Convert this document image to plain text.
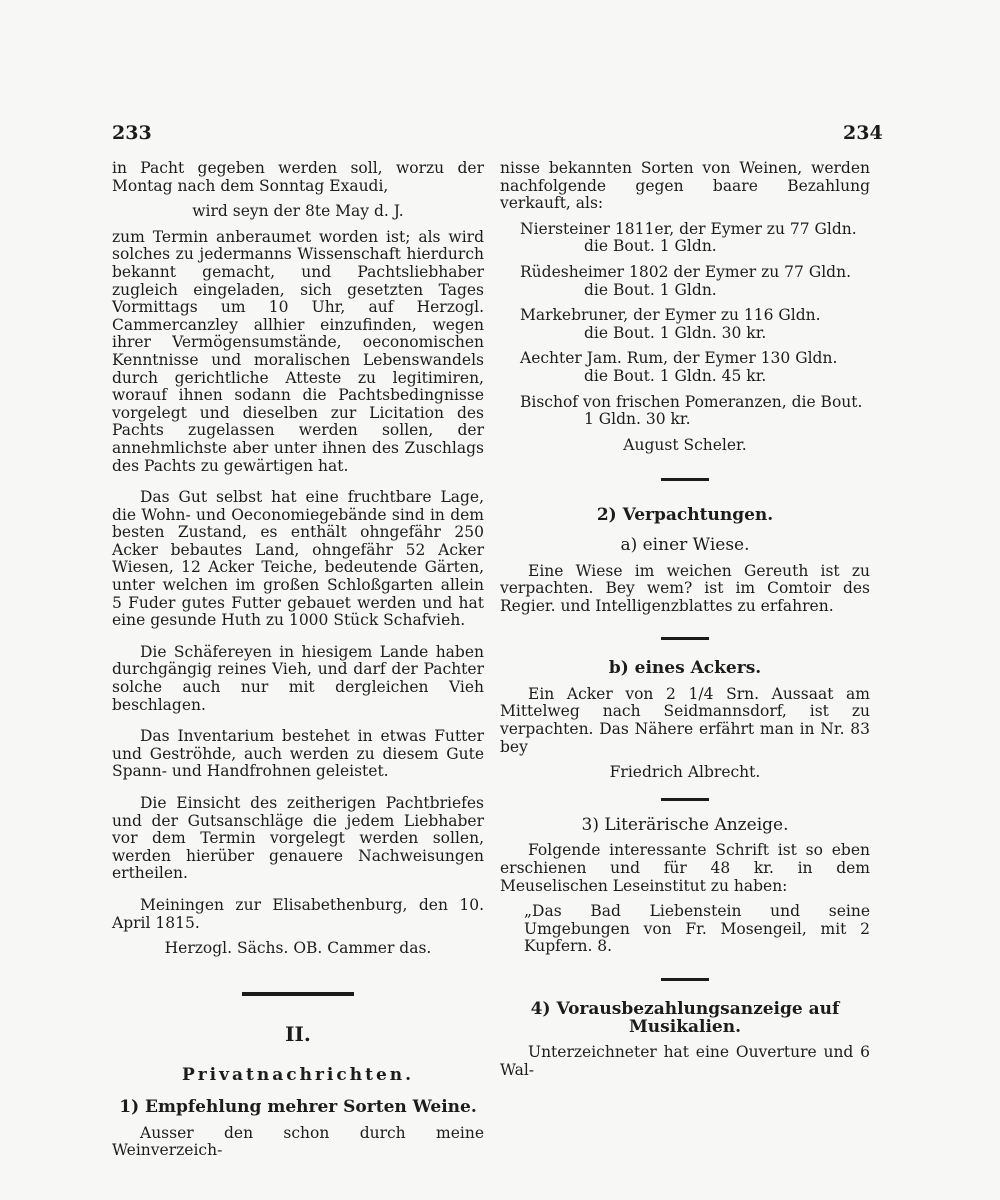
233	234

in Pacht gegeben werden soll, worzu der Montag nach dem Sonntag Exaudi,

wird seyn der 8te May d. J.

zum Termin anberaumet worden ist; als wird solches zu jedermanns Wissenschaft hierdurch bekannt gemacht, und Pachtsliebhaber zugleich eingeladen, sich gesetzten Tages Vormittags um 10 Uhr, auf Herzogl. Cammercanzley allhier einzufinden, wegen ihrer Vermögensumstände, oeconomischen Kenntnisse und moralischen Lebenswandels durch gerichtliche Atteste zu legitimiren, worauf ihnen sodann die Pachtsbedingnisse vorgelegt und dieselben zur Licitation des Pachts zugelassen werden sollen, der annehmlichste aber unter ihnen des Zuschlags des Pachts zu gewärtigen hat.

Das Gut selbst hat eine fruchtbare Lage, die Wohn- und Oeconomiegebände sind in dem besten Zustand, es enthält ohngefähr 250 Acker bebautes Land, ohngefähr 52 Acker Wiesen, 12 Acker Teiche, bedeutende Gärten, unter welchen im großen Schloßgarten allein 5 Fuder gutes Futter gebauet werden und hat eine gesunde Huth zu 1000 Stück Schafvieh.

Die Schäfereyen in hiesigem Lande haben durchgängig reines Vieh, und darf der Pachter solche auch nur mit dergleichen Vieh beschlagen.

Das Inventarium bestehet in etwas Futter und Geströhde, auch werden zu diesem Gute Spann- und Handfrohnen geleistet.

Die Einsicht des zeitherigen Pachtbriefes und der Gutsanschläge die jedem Liebhaber vor dem Termin vorgelegt werden sollen, werden hierüber genauere Nachweisungen ertheilen.

Meiningen zur Elisabethenburg, den 10. April 1815.

Herzogl. Sächs. OB. Cammer das.

II.

Privatnachrichten.

1) Empfehlung mehrer Sorten Weine.

Ausser den schon durch meine Weinverzeich-

nisse bekannten Sorten von Weinen, werden nachfolgende gegen baare Bezahlung verkauft, als:

Niersteiner 1811er, der Eymer zu 77 Gldn.

die Bout. 1 Gldn.

Rüdesheimer 1802 der Eymer zu 77 Gldn.

die Bout. 1 Gldn.

Markebruner, der Eymer zu 116 Gldn.

die Bout. 1 Gldn. 30 kr.

Aechter Jam. Rum, der Eymer 130 Gldn.

die Bout. 1 Gldn. 45 kr.

Bischof von frischen Pomeranzen, die Bout.

1 Gldn. 30 kr.

August Scheler.

2) Verpachtungen.

a) einer Wiese.

Eine Wiese im weichen Gereuth ist zu verpachten. Bey wem? ist im Comtoir des Regier. und Intelligenzblattes zu erfahren.

b) eines Ackers.

Ein Acker von 2 1/4 Srn. Aussaat am Mittelweg nach Seidmannsdorf, ist zu verpachten. Das Nähere erfährt man in Nr. 83 bey

Friedrich Albrecht.

3) Literärische Anzeige.

Folgende interessante Schrift ist so eben erschienen und für 48 kr. in dem Meuselischen Leseinstitut zu haben:

„Das Bad Liebenstein und seine Umgebungen von Fr. Mosengeil, mit 2 Kupfern. 8.

4) Vorausbezahlungsanzeige auf Musikalien.

Unterzeichneter hat eine Ouverture und 6 Wal-
